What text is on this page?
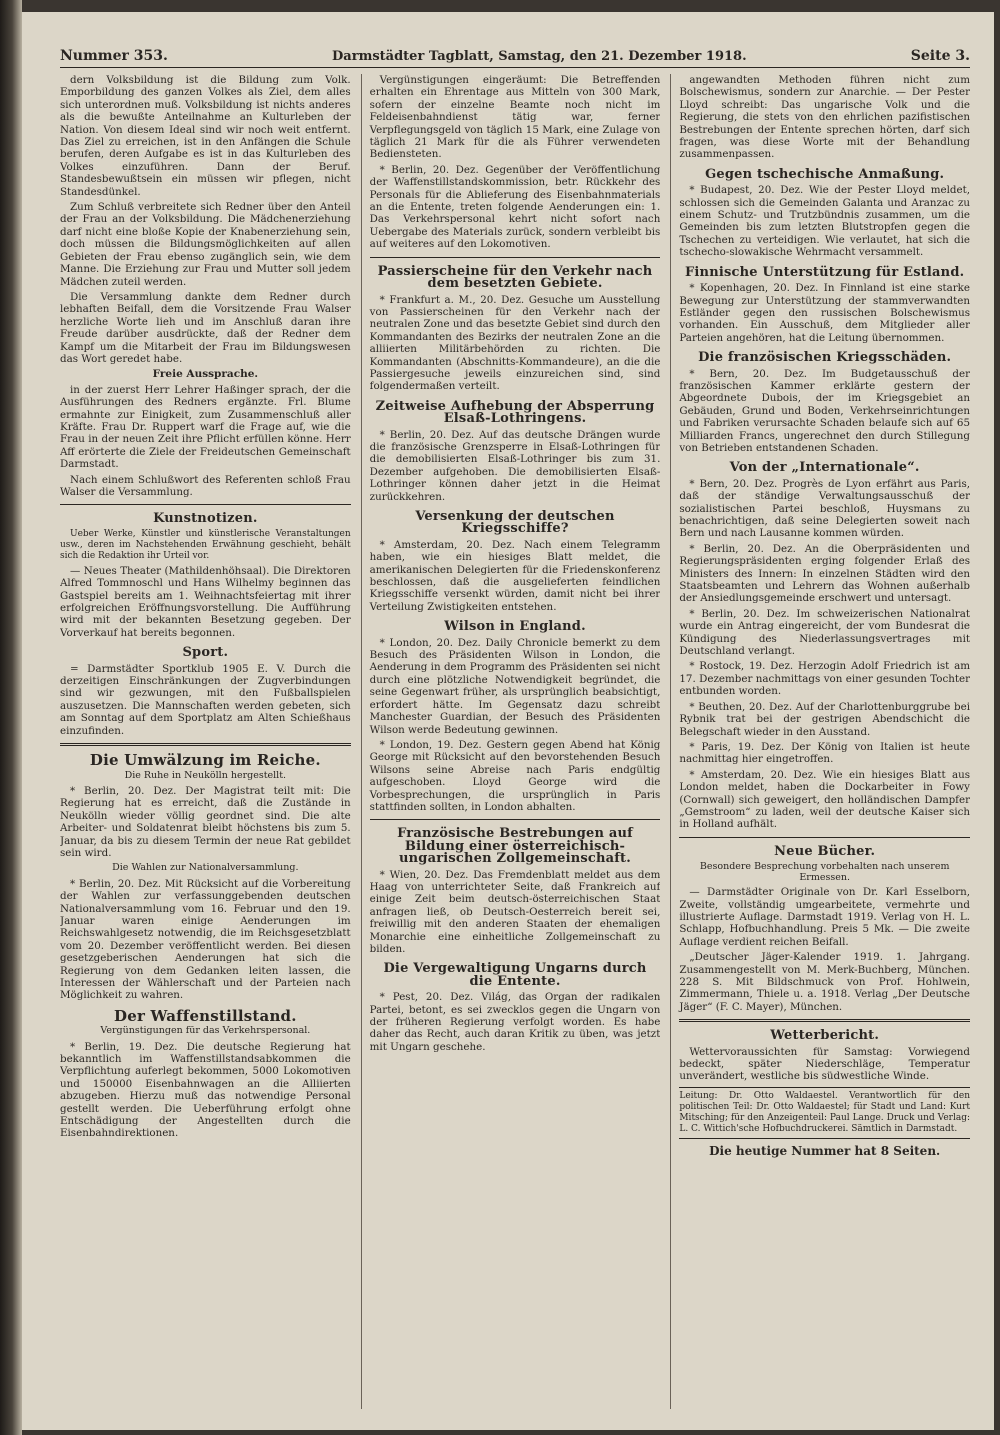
Nummer 353.	Darmstädter Tagblatt, Samstag, den 21. Dezember 1918.	Seite 3.

dern Volksbildung ist die Bildung zum Volk. Emporbildung des ganzen Volkes als Ziel, dem alles sich unterordnen muß. Volksbildung ist nichts anderes als die bewußte Anteilnahme an Kulturleben der Nation. Von diesem Ideal sind wir noch weit entfernt. Das Ziel zu erreichen, ist in den Anfängen die Schule berufen, deren Aufgabe es ist in das Kulturleben des Volkes einzuführen. Dann der Beruf. Standesbewußtsein ein müssen wir pflegen, nicht Standesdünkel.

Zum Schluß verbreitete sich Redner über den Anteil der Frau an der Volksbildung. Die Mädchenerziehung darf nicht eine bloße Kopie der Knabenerziehung sein, doch müssen die Bildungsmöglichkeiten auf allen Gebieten der Frau ebenso zugänglich sein, wie dem Manne. Die Erziehung zur Frau und Mutter soll jedem Mädchen zuteil werden.

Die Versammlung dankte dem Redner durch lebhaften Beifall, dem die Vorsitzende Frau Walser herzliche Worte lieh und im Anschluß daran ihre Freude darüber ausdrückte, daß der Redner dem Kampf um die Mitarbeit der Frau im Bildungswesen das Wort geredet habe.

Freie Aussprache.

in der zuerst Herr Lehrer Haßinger sprach, der die Ausführungen des Redners ergänzte. Frl. Blume ermahnte zur Einigkeit, zum Zusammenschluß aller Kräfte. Frau Dr. Ruppert warf die Frage auf, wie die Frau in der neuen Zeit ihre Pflicht erfüllen könne. Herr Aff erörterte die Ziele der Freideutschen Gemeinschaft Darmstadt.

Nach einem Schlußwort des Referenten schloß Frau Walser die Versammlung.

Kunstnotizen.

Ueber Werke, Künstler und künstlerische Veranstaltungen usw., deren im Nachstehenden Erwähnung geschieht, behält sich die Redaktion ihr Urteil vor.

— Neues Theater (Mathildenhöhsaal). Die Direktoren Alfred Tommnoschl und Hans Wilhelmy beginnen das Gastspiel bereits am 1. Weihnachtsfeiertag mit ihrer erfolgreichen Eröffnungsvorstellung. Die Aufführung wird mit der bekannten Besetzung gegeben. Der Vorverkauf hat bereits begonnen.

Sport.

= Darmstädter Sportklub 1905 E. V. Durch die derzeitigen Einschränkungen der Zugverbindungen sind wir gezwungen, mit den Fußballspielen auszusetzen. Die Mannschaften werden gebeten, sich am Sonntag auf dem Sportplatz am Alten Schießhaus einzufinden.

Die Umwälzung im Reiche.
Die Ruhe in Neukölln hergestellt.

* Berlin, 20. Dez. Der Magistrat teilt mit: Die Regierung hat es erreicht, daß die Zustände in Neukölln wieder völlig geordnet sind. Die alte Arbeiter- und Soldatenrat bleibt höchstens bis zum 5. Januar, da bis zu diesem Termin der neue Rat gebildet sein wird.

Die Wahlen zur Nationalversammlung.

* Berlin, 20. Dez. Mit Rücksicht auf die Vorbereitung der Wahlen zur verfassunggebenden deutschen Nationalversammlung vom 16. Februar und den 19. Januar waren einige Aenderungen im Reichswahlgesetz notwendig, die im Reichsgesetzblatt vom 20. Dezember veröffentlicht werden. Bei diesen gesetzgeberischen Aenderungen hat sich die Regierung von dem Gedanken leiten lassen, die Interessen der Wählerschaft und der Parteien nach Möglichkeit zu wahren.

Der Waffenstillstand.
Vergünstigungen für das Verkehrspersonal.

* Berlin, 19. Dez. Die deutsche Regierung hat bekanntlich im Waffenstillstandsabkommen die Verpflichtung auferlegt bekommen, 5000 Lokomotiven und 150000 Eisenbahnwagen an die Alliierten abzugeben. Hierzu muß das notwendige Personal gestellt werden. Die Ueberführung erfolgt ohne Entschädigung der Angestellten durch die Eisenbahndirektionen.

Vergünstigungen eingeräumt: Die Betreffenden erhalten ein Ehrentage aus Mitteln von 300 Mark, sofern der einzelne Beamte noch nicht im Feldeisenbahndienst tätig war, ferner Verpflegungsgeld von täglich 15 Mark, eine Zulage von täglich 21 Mark für die als Führer verwendeten Bediensteten.

* Berlin, 20. Dez. Gegenüber der Veröffentlichung der Waffenstillstandskommission, betr. Rückkehr des Personals für die Ablieferung des Eisenbahnmaterials an die Entente, treten folgende Aenderungen ein: 1. Das Verkehrspersonal kehrt nicht sofort nach Uebergabe des Materials zurück, sondern verbleibt bis auf weiteres auf den Lokomotiven.

Passierscheine für den Verkehr nach dem besetzten Gebiete.

* Frankfurt a. M., 20. Dez. Gesuche um Ausstellung von Passierscheinen für den Verkehr nach der neutralen Zone und das besetzte Gebiet sind durch den Kommandanten des Bezirks der neutralen Zone an die alliierten Militärbehörden zu richten. Die Kommandanten (Abschnitts-Kommandeure), an die die Passiergesuche jeweils einzureichen sind, sind folgendermaßen verteilt.

Zeitweise Aufhebung der Absperrung Elsaß-Lothringens.

* Berlin, 20. Dez. Auf das deutsche Drängen wurde die französische Grenzsperre in Elsaß-Lothringen für die demobilisierten Elsaß-Lothringer bis zum 31. Dezember aufgehoben. Die demobilisierten Elsaß-Lothringer können daher jetzt in die Heimat zurückkehren.

Versenkung der deutschen Kriegsschiffe?

* Amsterdam, 20. Dez. Nach einem Telegramm haben, wie ein hiesiges Blatt meldet, die amerikanischen Delegierten für die Friedenskonferenz beschlossen, daß die ausgelieferten feindlichen Kriegsschiffe versenkt würden, damit nicht bei ihrer Verteilung Zwistigkeiten entstehen.

Wilson in England.

* London, 20. Dez. Daily Chronicle bemerkt zu dem Besuch des Präsidenten Wilson in London, die Aenderung in dem Programm des Präsidenten sei nicht durch eine plötzliche Notwendigkeit begründet, die seine Gegenwart früher, als ursprünglich beabsichtigt, erfordert hätte. Im Gegensatz dazu schreibt Manchester Guardian, der Besuch des Präsidenten Wilson werde Bedeutung gewinnen.

* London, 19. Dez. Gestern gegen Abend hat König George mit Rücksicht auf den bevorstehenden Besuch Wilsons seine Abreise nach Paris endgültig aufgeschoben. Lloyd George wird die Vorbesprechungen, die ursprünglich in Paris stattfinden sollten, in London abhalten.

Französische Bestrebungen auf Bildung einer österreichisch-ungarischen Zollgemeinschaft.

* Wien, 20. Dez. Das Fremdenblatt meldet aus dem Haag von unterrichteter Seite, daß Frankreich auf einige Zeit beim deutsch-österreichischen Staat anfragen ließ, ob Deutsch-Oesterreich bereit sei, freiwillig mit den anderen Staaten der ehemaligen Monarchie eine einheitliche Zollgemeinschaft zu bilden.

Die Vergewaltigung Ungarns durch die Entente.

* Pest, 20. Dez. Világ, das Organ der radikalen Partei, betont, es sei zwecklos gegen die Ungarn von der früheren Regierung verfolgt worden. Es habe daher das Recht, auch daran Kritik zu üben, was jetzt mit Ungarn geschehe.

angewandten Methoden führen nicht zum Bolschewismus, sondern zur Anarchie. — Der Pester Lloyd schreibt: Das ungarische Volk und die Regierung, die stets von den ehrlichen pazifistischen Bestrebungen der Entente sprechen hörten, darf sich fragen, was diese Worte mit der Behandlung zusammenpassen.

Gegen tschechische Anmaßung.

* Budapest, 20. Dez. Wie der Pester Lloyd meldet, schlossen sich die Gemeinden Galanta und Aranzac zu einem Schutz- und Trutzbündnis zusammen, um die Gemeinden bis zum letzten Blutstropfen gegen die Tschechen zu verteidigen. Wie verlautet, hat sich die tschecho-slowakische Wehrmacht versammelt.

Finnische Unterstützung für Estland.

* Kopenhagen, 20. Dez. In Finnland ist eine starke Bewegung zur Unterstützung der stammverwandten Estländer gegen den russischen Bolschewismus vorhanden. Ein Ausschuß, dem Mitglieder aller Parteien angehören, hat die Leitung übernommen.

Die französischen Kriegsschäden.

* Bern, 20. Dez. Im Budgetausschuß der französischen Kammer erklärte gestern der Abgeordnete Dubois, der im Kriegsgebiet an Gebäuden, Grund und Boden, Verkehrseinrichtungen und Fabriken verursachte Schaden belaufe sich auf 65 Milliarden Francs, ungerechnet den durch Stillegung von Betrieben entstandenen Schaden.

Von der „Internationale“.

* Bern, 20. Dez. Progrès de Lyon erfährt aus Paris, daß der ständige Verwaltungsausschuß der sozialistischen Partei beschloß, Huysmans zu benachrichtigen, daß seine Delegierten soweit nach Bern und nach Lausanne kommen würden.

* Berlin, 20. Dez. An die Oberpräsidenten und Regierungspräsidenten erging folgender Erlaß des Ministers des Innern: In einzelnen Städten wird den Staatsbeamten und Lehrern das Wohnen außerhalb der Ansiedlungsgemeinde erschwert und untersagt.

* Berlin, 20. Dez. Im schweizerischen Nationalrat wurde ein Antrag eingereicht, der vom Bundesrat die Kündigung des Niederlassungsvertrages mit Deutschland verlangt.

* Rostock, 19. Dez. Herzogin Adolf Friedrich ist am 17. Dezember nachmittags von einer gesunden Tochter entbunden worden.

* Beuthen, 20. Dez. Auf der Charlottenburggrube bei Rybnik trat bei der gestrigen Abendschicht die Belegschaft wieder in den Ausstand.

* Paris, 19. Dez. Der König von Italien ist heute nachmittag hier eingetroffen.

* Amsterdam, 20. Dez. Wie ein hiesiges Blatt aus London meldet, haben die Dockarbeiter in Fowy (Cornwall) sich geweigert, den holländischen Dampfer „Gemstroom“ zu laden, weil der deutsche Kaiser sich in Holland aufhält.

Neue Bücher.
Besondere Besprechung vorbehalten nach unserem Ermessen.

— Darmstädter Originale von Dr. Karl Esselborn, Zweite, vollständig umgearbeitete, vermehrte und illustrierte Auflage. Darmstadt 1919. Verlag von H. L. Schlapp, Hofbuchhandlung. Preis 5 Mk. — Die zweite Auflage verdient reichen Beifall.

„Deutscher Jäger-Kalender 1919. 1. Jahrgang. Zusammengestellt von M. Merk-Buchberg, München. 228 S. Mit Bildschmuck von Prof. Hohlwein, Zimmermann, Thiele u. a. 1918. Verlag „Der Deutsche Jäger“ (F. C. Mayer), München.

Wetterbericht.

Wettervoraussichten für Samstag: Vorwiegend bedeckt, später Niederschläge, Temperatur unverändert, westliche bis südwestliche Winde.

Leitung: Dr. Otto Waldaestel. Verantwortlich für den politischen Teil: Dr. Otto Waldaestel; für Stadt und Land: Kurt Mitsching; für den Anzeigenteil: Paul Lange. Druck und Verlag: L. C. Wittich'sche Hofbuchdruckerei. Sämtlich in Darmstadt.
Die heutige Nummer hat 8 Seiten.
